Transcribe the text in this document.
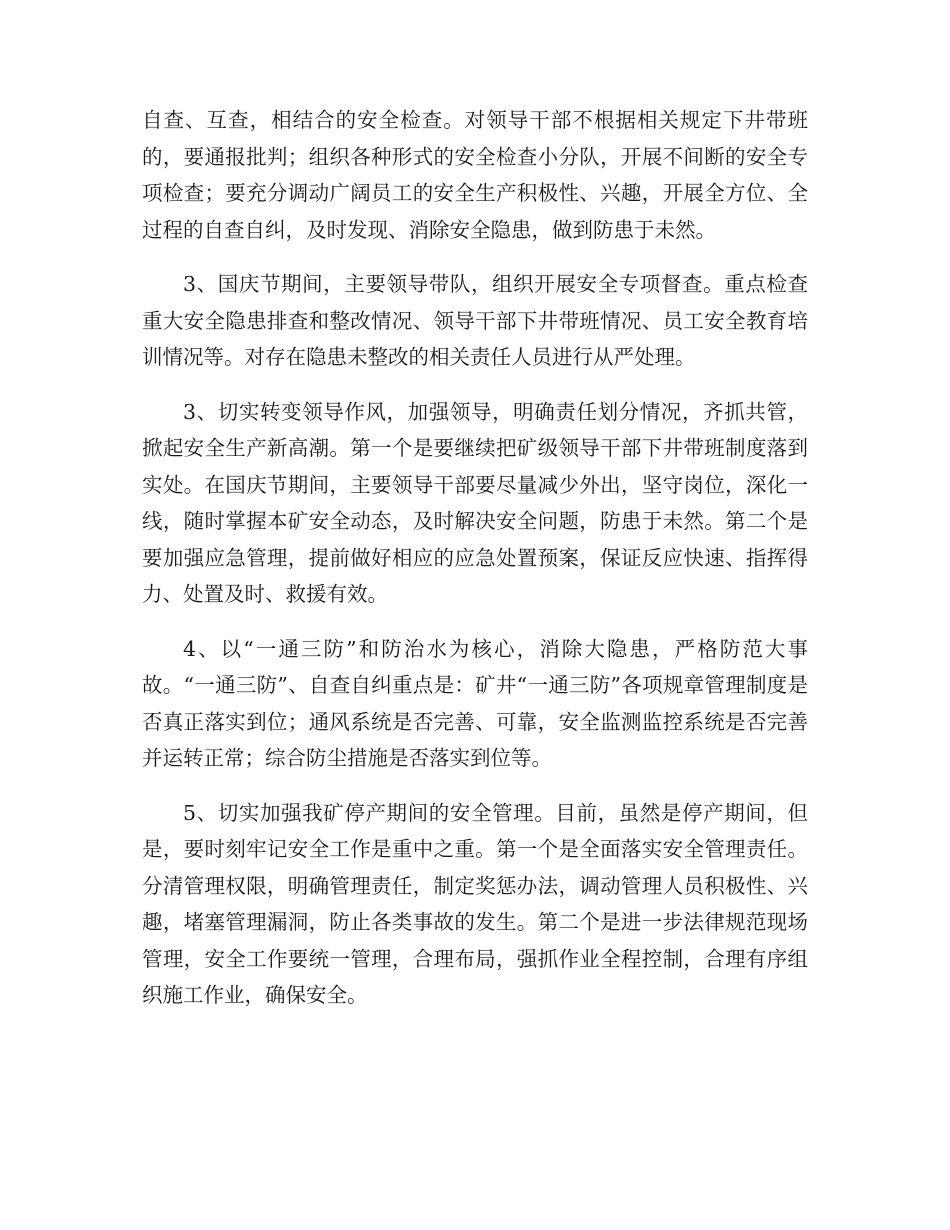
自查、互查，相结合的安全检查。对领导干部不根据相关规定下井带班的，要通报批判；组织各种形式的安全检查小分队，开展不间断的安全专项检查；要充分调动广阔员工的安全生产积极性、兴趣，开展全方位、全过程的自查自纠，及时发现、消除安全隐患，做到防患于未然。

3、国庆节期间，主要领导带队，组织开展安全专项督查。重点检查重大安全隐患排查和整改情况、领导干部下井带班情况、员工安全教育培训情况等。对存在隐患未整改的相关责任人员进行从严处理。

3、切实转变领导作风，加强领导，明确责任划分情况，齐抓共管，掀起安全生产新高潮。第一个是要继续把矿级领导干部下井带班制度落到实处。在国庆节期间，主要领导干部要尽量减少外出，坚守岗位，深化一线，随时掌握本矿安全动态，及时解决安全问题，防患于未然。第二个是要加强应急管理，提前做好相应的应急处置预案，保证反应快速、指挥得力、处置及时、救援有效。

4、以“一通三防”和防治水为核心，消除大隐患，严格防范大事故。“一通三防”、自查自纠重点是：矿井“一通三防”各项规章管理制度是否真正落实到位；通风系统是否完善、可靠，安全监测监控系统是否完善并运转正常；综合防尘措施是否落实到位等。

5、切实加强我矿停产期间的安全管理。目前，虽然是停产期间，但是，要时刻牢记安全工作是重中之重。第一个是全面落实安全管理责任。分清管理权限，明确管理责任，制定奖惩办法，调动管理人员积极性、兴趣，堵塞管理漏洞，防止各类事故的发生。第二个是进一步法律规范现场管理，安全工作要统一管理，合理布局，强抓作业全程控制，合理有序组织施工作业，确保安全。
